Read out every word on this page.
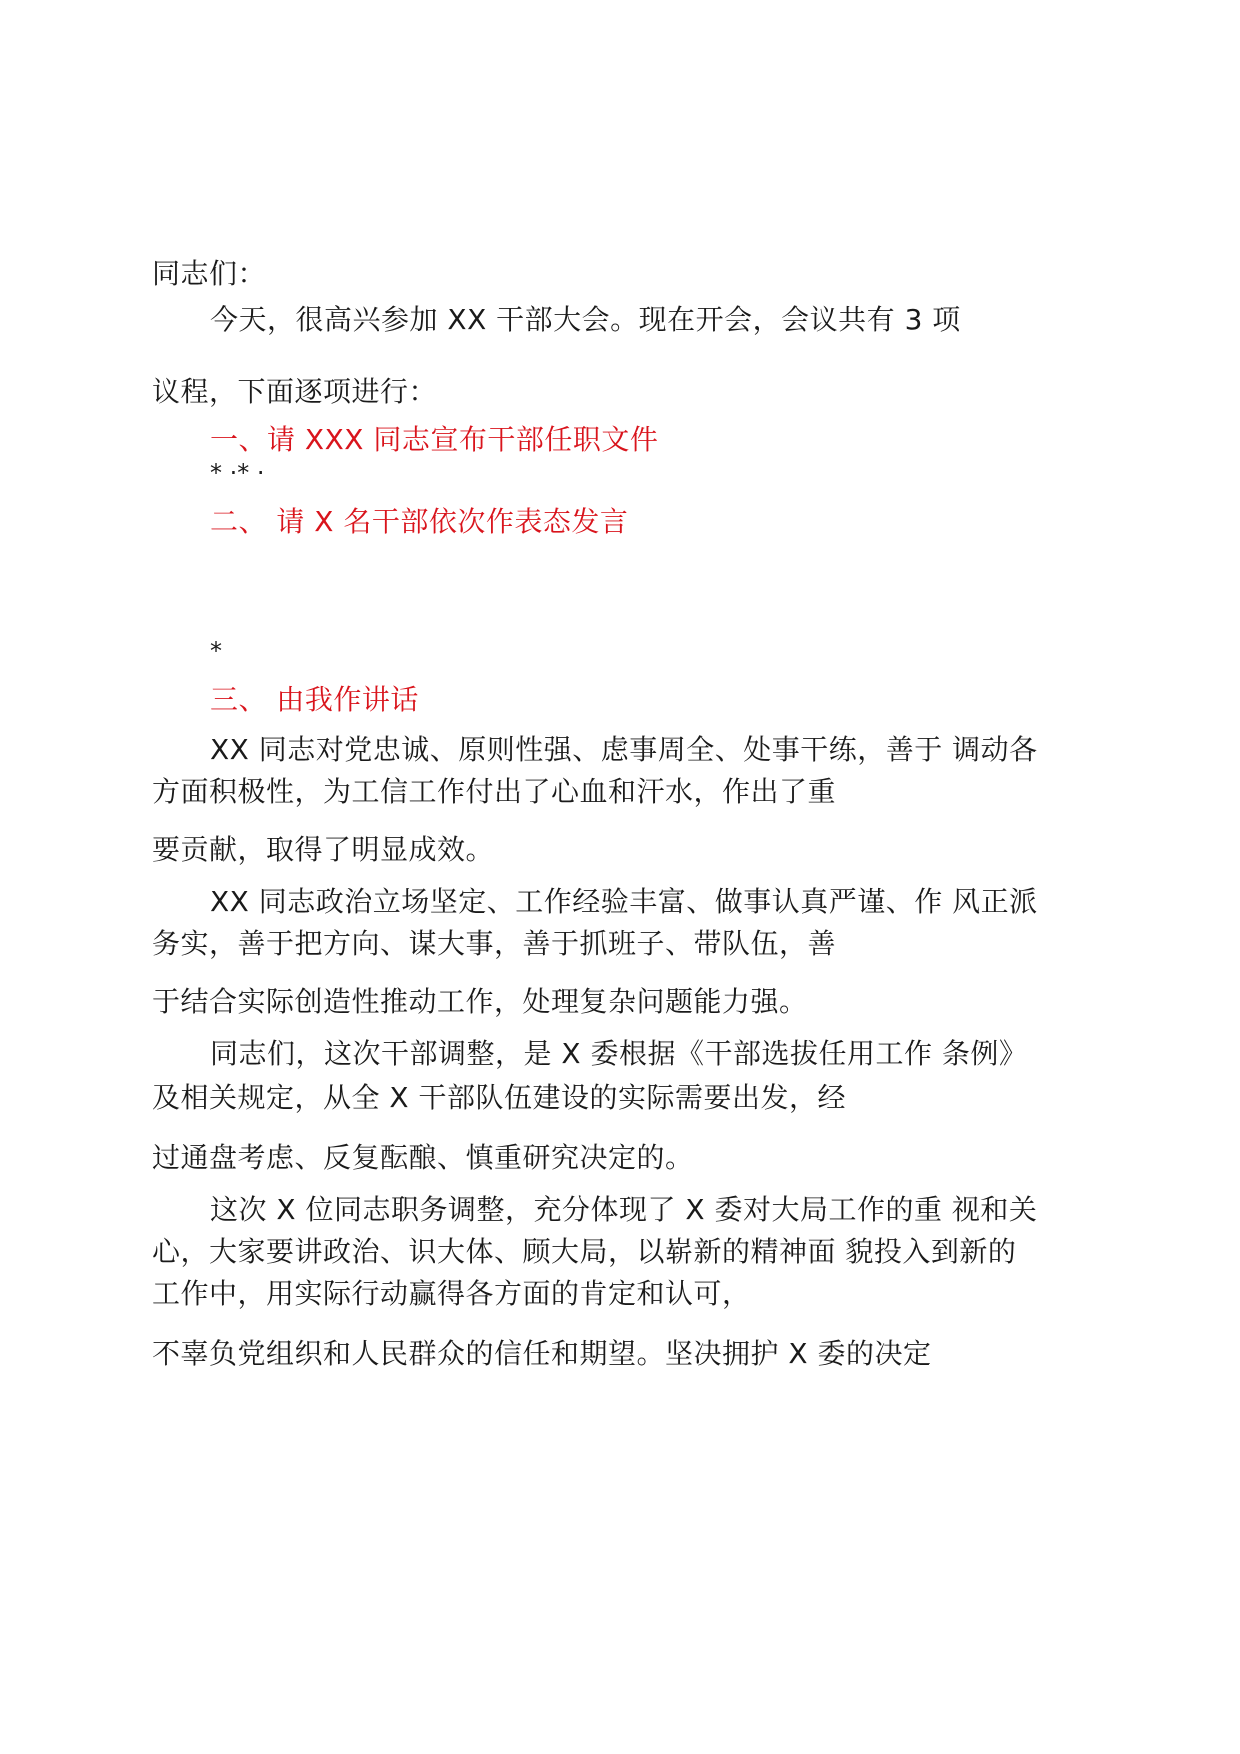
同志们：
今天，很高兴参加 XX 干部大会。现在开会，会议共有 3 项
议程，下面逐项进行：
一、请 XXX 同志宣布干部任职文件
* ·* ·
二、 请 X 名干部依次作表态发言
*
三、 由我作讲话
XX 同志对党忠诚、原则性强、虑事周全、处事干练，善于 调动各
方面积极性，为工信工作付出了心血和汗水，作出了重
要贡献，取得了明显成效。
XX 同志政治立场坚定、工作经验丰富、做事认真严谨、作 风正派
务实，善于把方向、谋大事，善于抓班子、带队伍，善
于结合实际创造性推动工作，处理复杂问题能力强。
同志们，这次干部调整，是 X 委根据《干部选拔任用工作 条例》
及相关规定，从全 X 干部队伍建设的实际需要出发，经
过通盘考虑、反复酝酿、慎重研究决定的。
这次 X 位同志职务调整，充分体现了 X 委对大局工作的重 视和关
心，大家要讲政治、识大体、顾大局，以崭新的精神面 貌投入到新的
工作中，用实际行动赢得各方面的肯定和认可，
不辜负党组织和人民群众的信任和期望。坚决拥护 X 委的决定
